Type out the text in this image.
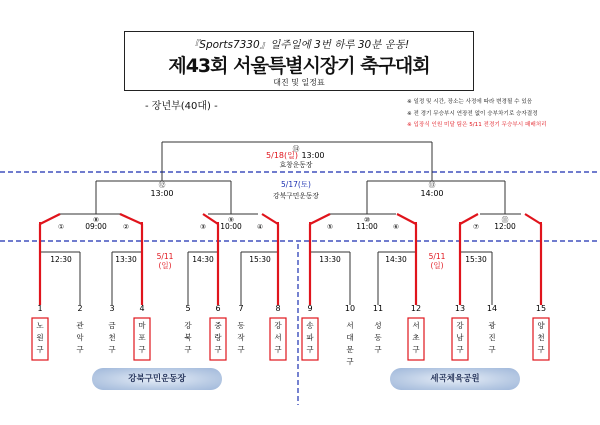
『Sports7330』일주일에 3번 하루 30분 운동!
제43회 서울특별시장기 축구대회
대진 및 일정표
- 장년부(40대) -	※ 일정 및 시간, 장소는 사정에 따라 변경될 수 있음
※ 전 경기 무승부시 연장전 없이 승부차기로 승자결정
※ 입장식 인원 미달 팀은 5/11 전경기 무승부시 패배처리
①
12:30
②
13:30
③
14:30
④
15:30
⑤
13:30
⑥
14:30
⑦
15:30
⑧
09:00
⑨
10:00
⑩
11:00
⑪
12:00
⑫
13:00
⑬
14:00
5/17(토)
강북구민운동장
⑭
5/18(일) 13:00
효창운동장
5/11 (일)
5/11 (일)
1
노
원
구
2
관
악
구
3
금
천
구
4
마
포
구
5
강
북
구
6
중
랑
구
7
동
작
구
8
강
서
구
9
송
파
구
10
서
대
문
구
11
성
동
구
12
서
초
구
13
강
남
구
14
광
진
구
15
양
천
구
강북구민운동장	세곡체육공원
